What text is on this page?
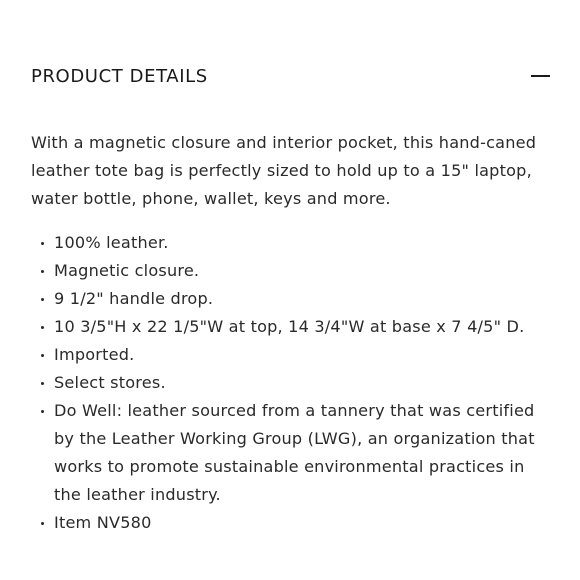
PRODUCT DETAILS

With a magnetic closure and interior pocket, this hand-caned leather tote bag is perfectly sized to hold up to a 15" laptop, water bottle, phone, wallet, keys and more.

100% leather.
Magnetic closure.
9 1/2" handle drop.
10 3/5"H x 22 1/5"W at top, 14 3/4"W at base x 7 4/5" D.
Imported.
Select stores.
Do Well: leather sourced from a tannery that was certified by the Leather Working Group (LWG), an organization that works to promote sustainable environmental practices in the leather industry.
Item NV580
